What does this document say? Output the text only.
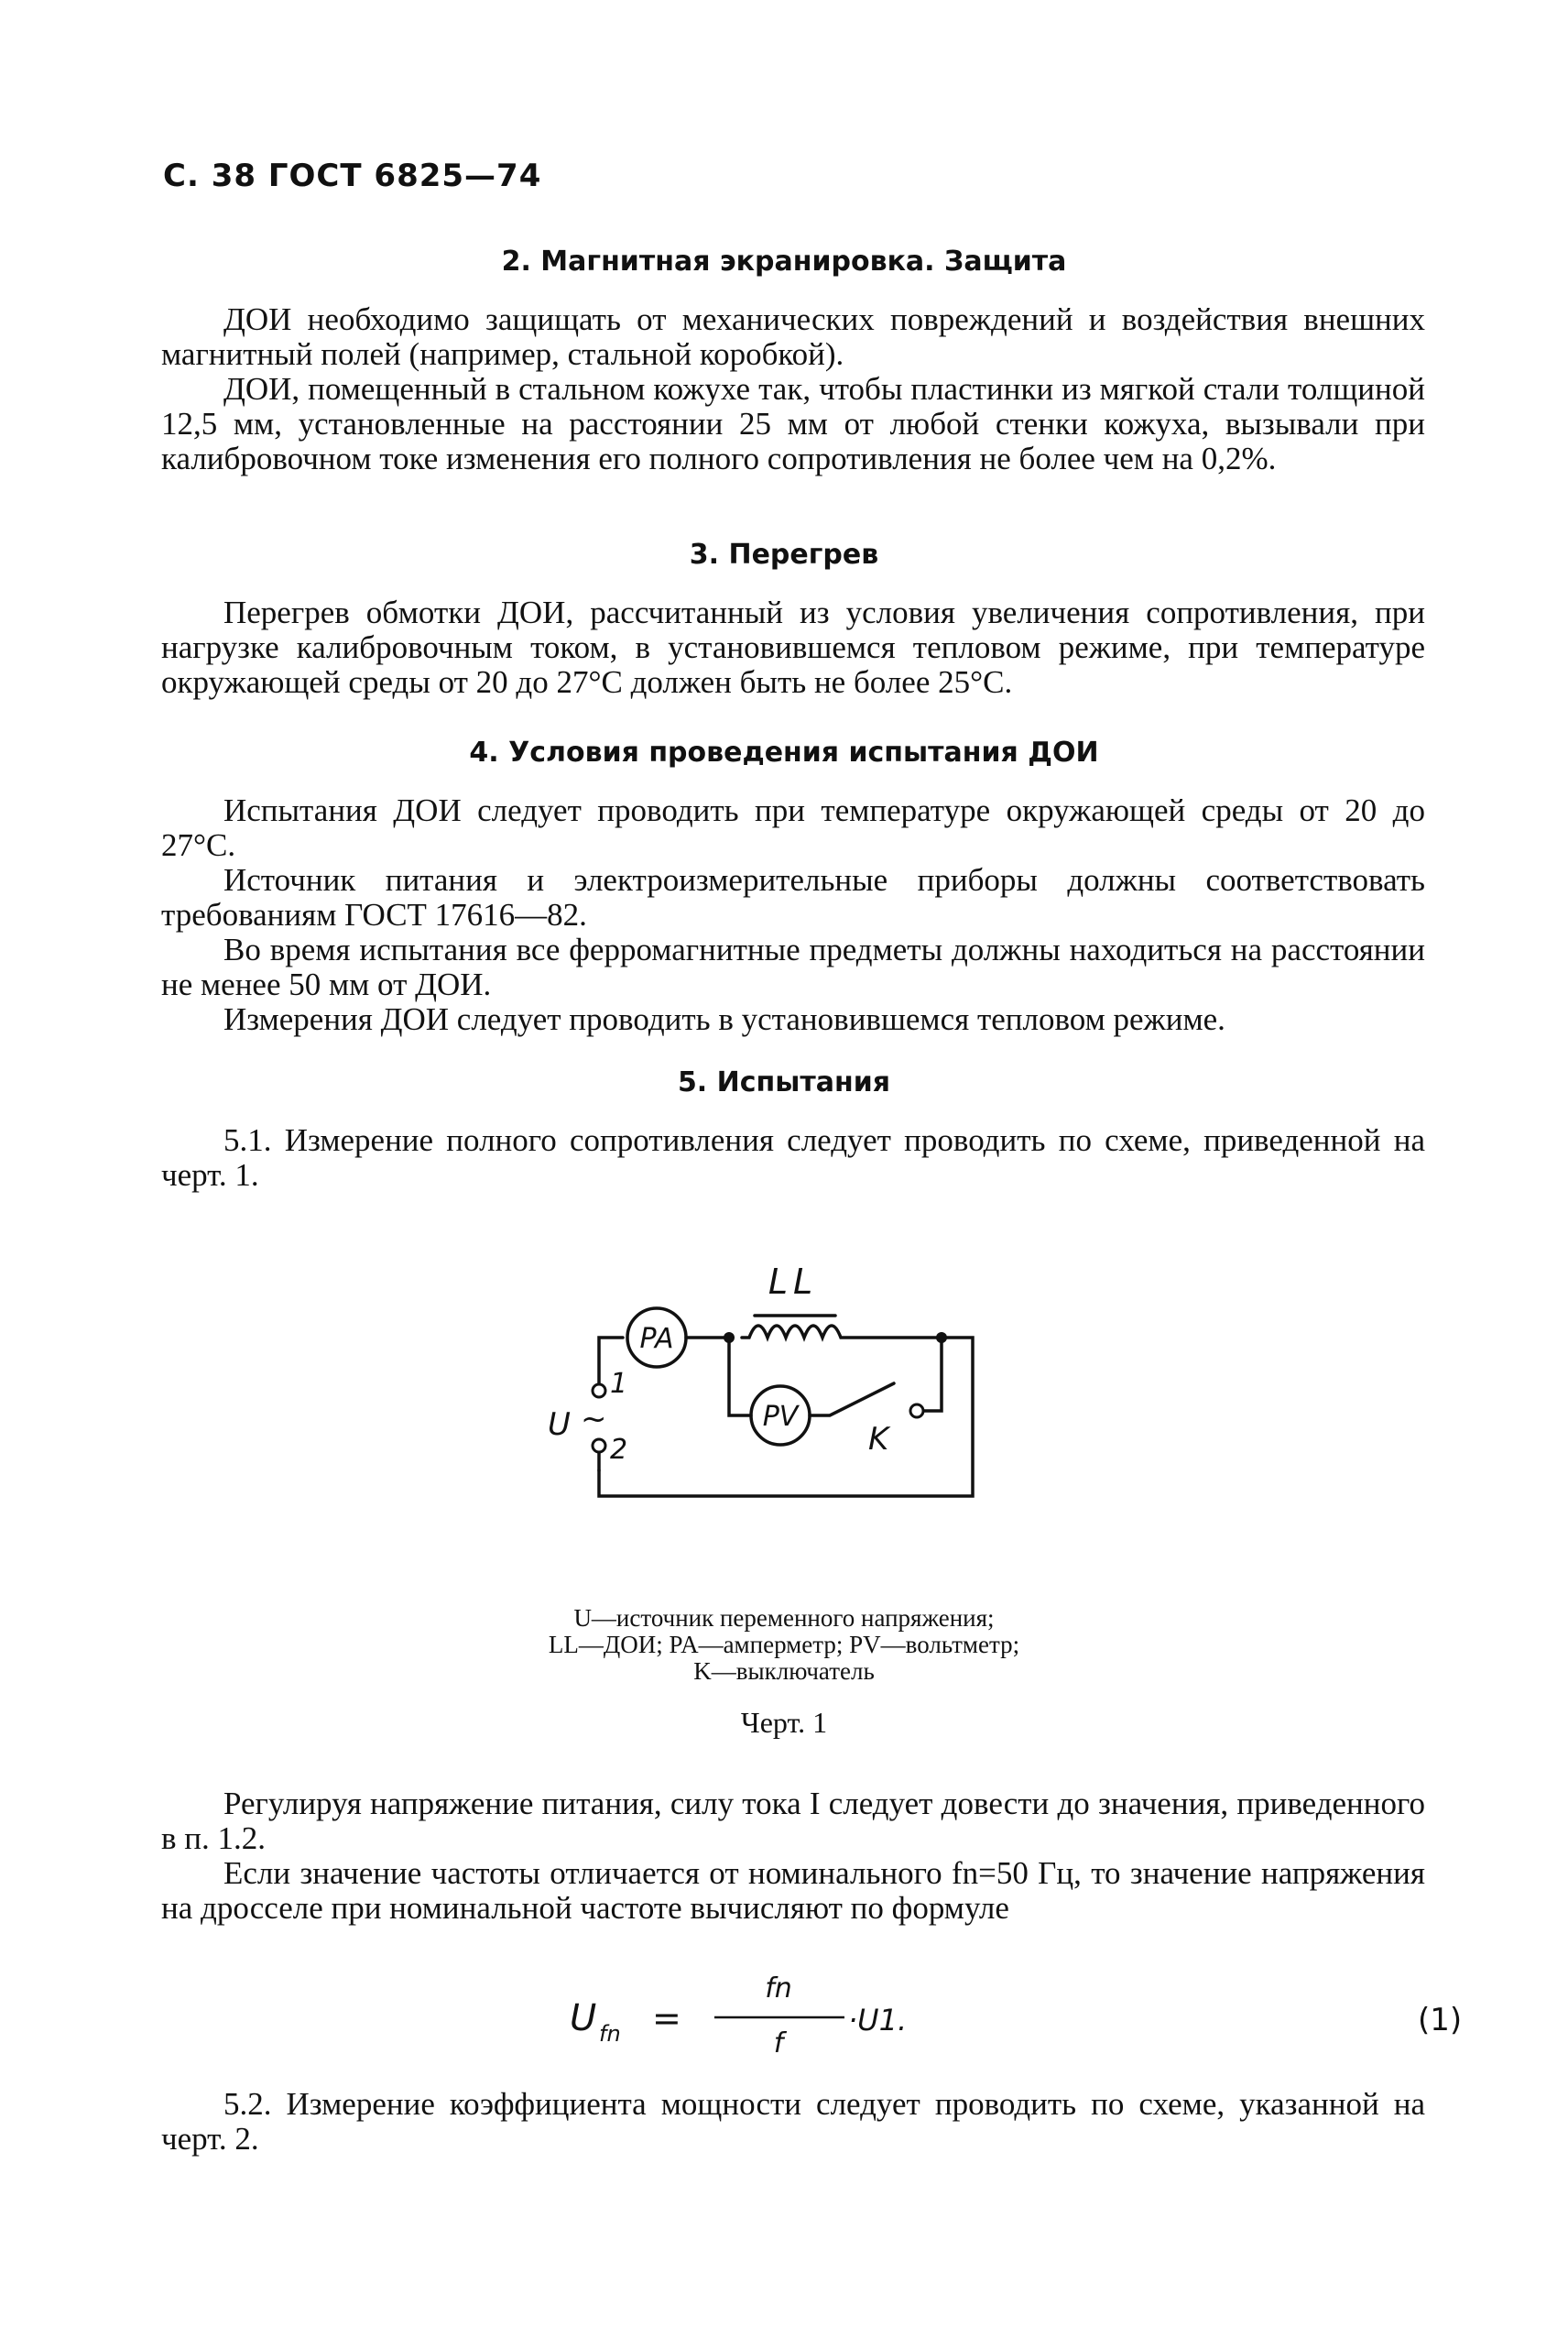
С. 38 ГОСТ 6825—74
2. Магнитная экранировка. Защита

ДОИ необходимо защищать от механических повреждений и воздействия внешних магнитный полей (например, стальной коробкой).

ДОИ, помещенный в стальном кожухе так, чтобы пластинки из мягкой стали толщиной 12,5 мм, установленные на расстоянии 25 мм от любой стенки кожуха, вызывали при калибровочном токе изменения его полного сопротивления не более чем на 0,2%.

3. Перегрев

Перегрев обмотки ДОИ, рассчитанный из условия увеличения сопротивления, при нагрузке калибровочным током, в установившемся тепловом режиме, при температуре окружающей среды от 20 до 27°С должен быть не более 25°С.

4. Условия проведения испытания ДОИ

Испытания ДОИ следует проводить при температуре окружающей среды от 20 до 27°С.

Источник питания и электроизмерительные приборы должны соответствовать требованиям ГОСТ 17616—82.

Во время испытания все ферромагнитные предметы должны находиться на расстоянии не менее 50 мм от ДОИ.

Измерения ДОИ следует проводить в установившемся тепловом режиме.

5. Испытания

5.1. Измерение полного сопротивления следует проводить по схеме, приведенной на черт. 1.

PA
PV
LL
U ~
1
2	K
U—источник переменного напряжения;
LL—ДОИ; PA—амперметр; PV—вольтметр;
K—выключатель
Черт. 1

Регулируя напряжение питания, силу тока I следует довести до значения, приведенного в п. 1.2.

Если значение частоты отличается от номинального fn=50 Гц, то значение напряжения на дросселе при номинальной частоте вычисляют по формуле

U fn =
fn
f
·U1.	(1)

5.2. Измерение коэффициента мощности следует проводить по схеме, указанной на черт. 2.
